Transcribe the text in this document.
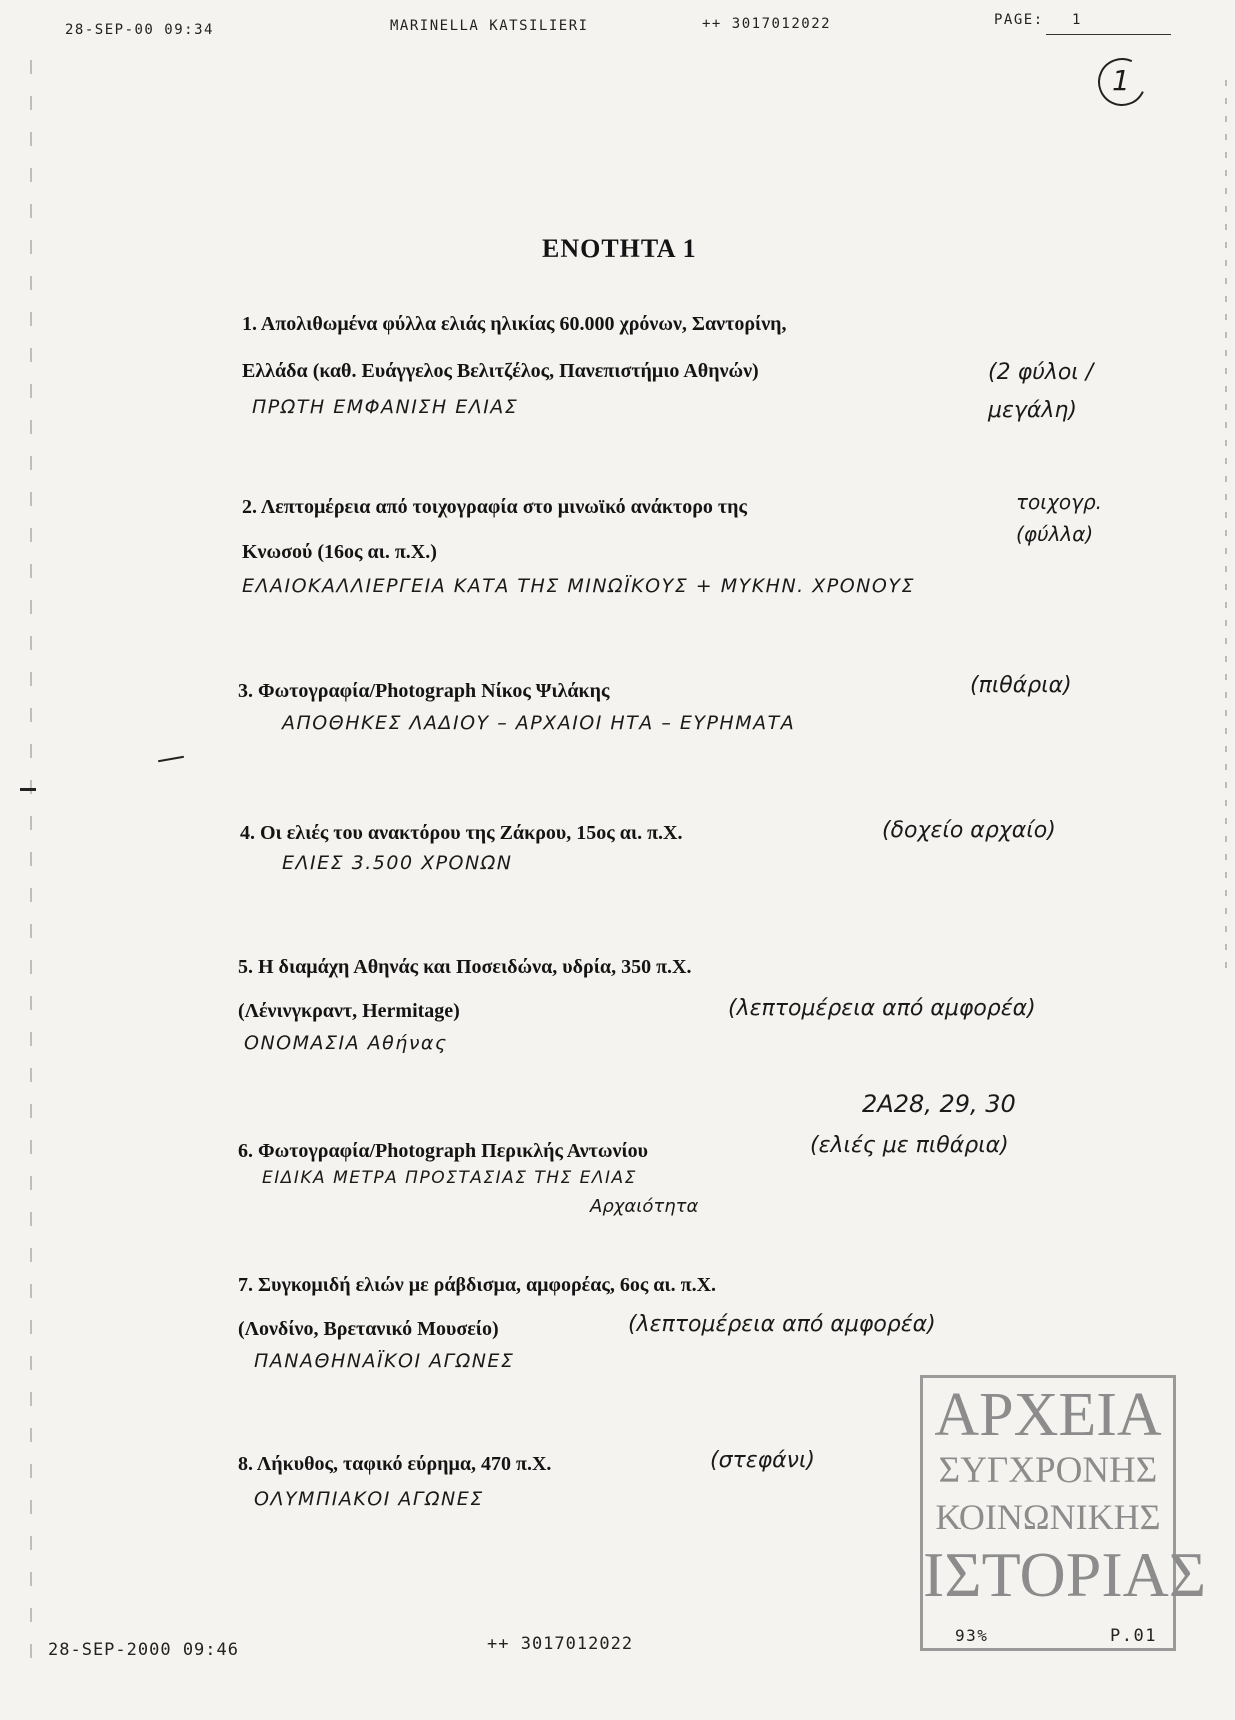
28-SEP-00 09:34	MARINELLA KATSILIERI	++ 3017012022	PAGE: 1
1
ΕΝΟΤΗΤΑ 1
1. Απολιθωμένα φύλλα ελιάς ηλικίας 60.000 χρόνων, Σαντορίνη,
Ελλάδα (καθ. Ευάγγελος Βελιτζέλος, Πανεπιστήμιο Αθηνών)
ΠΡΩΤΗ ΕΜΦΑΝΙΣΗ ΕΛΙΑΣ
(2 φύλοι / μεγάλη)
2. Λεπτομέρεια από τοιχογραφία στο μινωϊκό ανάκτορο της
Κνωσού (16ος αι. π.Χ.)
ΕΛΑΙΟΚΑΛΛΙΕΡΓΕΙΑ ΚΑΤΑ ΤΗΣ ΜΙΝΩΪΚΟΥΣ + ΜΥΚΗΝ. ΧΡΟΝΟΥΣ
τοιχογρ. (φύλλα)
3. Φωτογραφία/Photograph Νίκος Ψιλάκης
ΑΠΟΘΗΚΕΣ ΛΑΔΙΟΥ – ΑΡΧΑΙΟΙ ΗΤΑ – ΕΥΡΗΜΑΤΑ
(πιθάρια)
4. Οι ελιές του ανακτόρου της Ζάκρου, 15ος αι. π.Χ.
ΕΛΙΕΣ 3.500 ΧΡΟΝΩΝ
(δοχείο αρχαίο)
5. Η διαμάχη Αθηνάς και Ποσειδώνα, υδρία, 350 π.Χ.
(Λένινγκραντ, Hermitage)
ΟΝΟΜΑΣΙΑ Αθήνας
(λεπτομέρεια από αμφορέα)
2Α28, 29, 30
6. Φωτογραφία/Photograph Περικλής Αντωνίου
ΕΙΔΙΚΑ ΜΕΤΡΑ ΠΡΟΣΤΑΣΙΑΣ ΤΗΣ ΕΛΙΑΣ
Αρχαιότητα
(ελιές με πιθάρια)
7. Συγκομιδή ελιών με ράβδισμα, αμφορέας, 6ος αι. π.Χ.
(Λονδίνο, Βρετανικό Μουσείο)
ΠΑΝΑΘΗΝΑΪΚΟΙ ΑΓΩΝΕΣ
(λεπτομέρεια από αμφορέα)
8. Λήκυθος, ταφικό εύρημα, 470 π.Χ.
ΟΛΥΜΠΙΑΚΟΙ ΑΓΩΝΕΣ
(στεφάνι)
ΑΡΧΕΙΑ
ΣΥΓΧΡΟΝΗΣ
ΚΟΙΝΩΝΙΚΗΣ
ΙΣΤΟΡΙΑΣ
28-SEP-2000 09:46	++ 3017012022	93%	P.01
